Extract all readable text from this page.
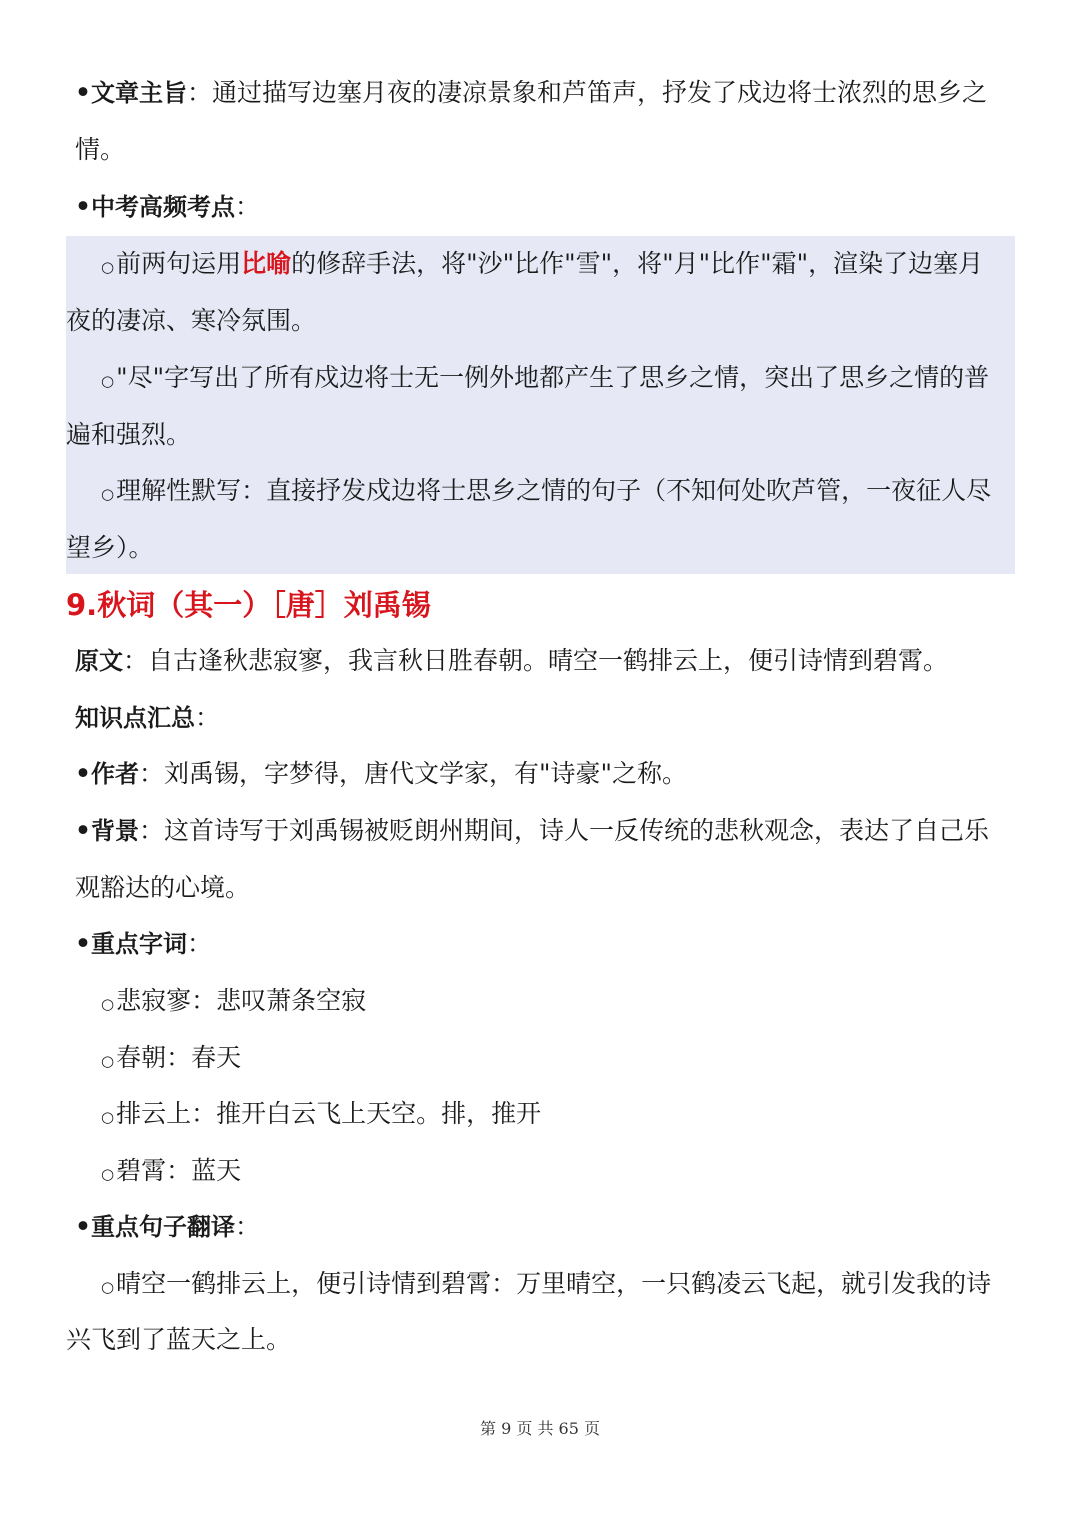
•文章主旨：通过描写边塞月夜的凄凉景象和芦笛声，抒发了戍边将士浓烈的思乡之
情。
•中考高频考点：
○前两句运用比喻的修辞手法，将"沙"比作"雪"，将"月"比作"霜"，渲染了边塞月
夜的凄凉、寒冷氛围。
○"尽"字写出了所有戍边将士无一例外地都产生了思乡之情，突出了思乡之情的普
遍和强烈。
○理解性默写：直接抒发戍边将士思乡之情的句子（不知何处吹芦管，一夜征人尽
望乡）。
9.秋词（其一）［唐］刘禹锡
原文：自古逢秋悲寂寥，我言秋日胜春朝。晴空一鹤排云上，便引诗情到碧霄。
知识点汇总：
•作者：刘禹锡，字梦得，唐代文学家，有"诗豪"之称。
•背景：这首诗写于刘禹锡被贬朗州期间，诗人一反传统的悲秋观念，表达了自己乐
观豁达的心境。
•重点字词：
○悲寂寥：悲叹萧条空寂
○春朝：春天
○排云上：推开白云飞上天空。排，推开
○碧霄：蓝天
•重点句子翻译：
○晴空一鹤排云上，便引诗情到碧霄：万里晴空，一只鹤凌云飞起，就引发我的诗
兴飞到了蓝天之上。
第 9 页 共 65 页
